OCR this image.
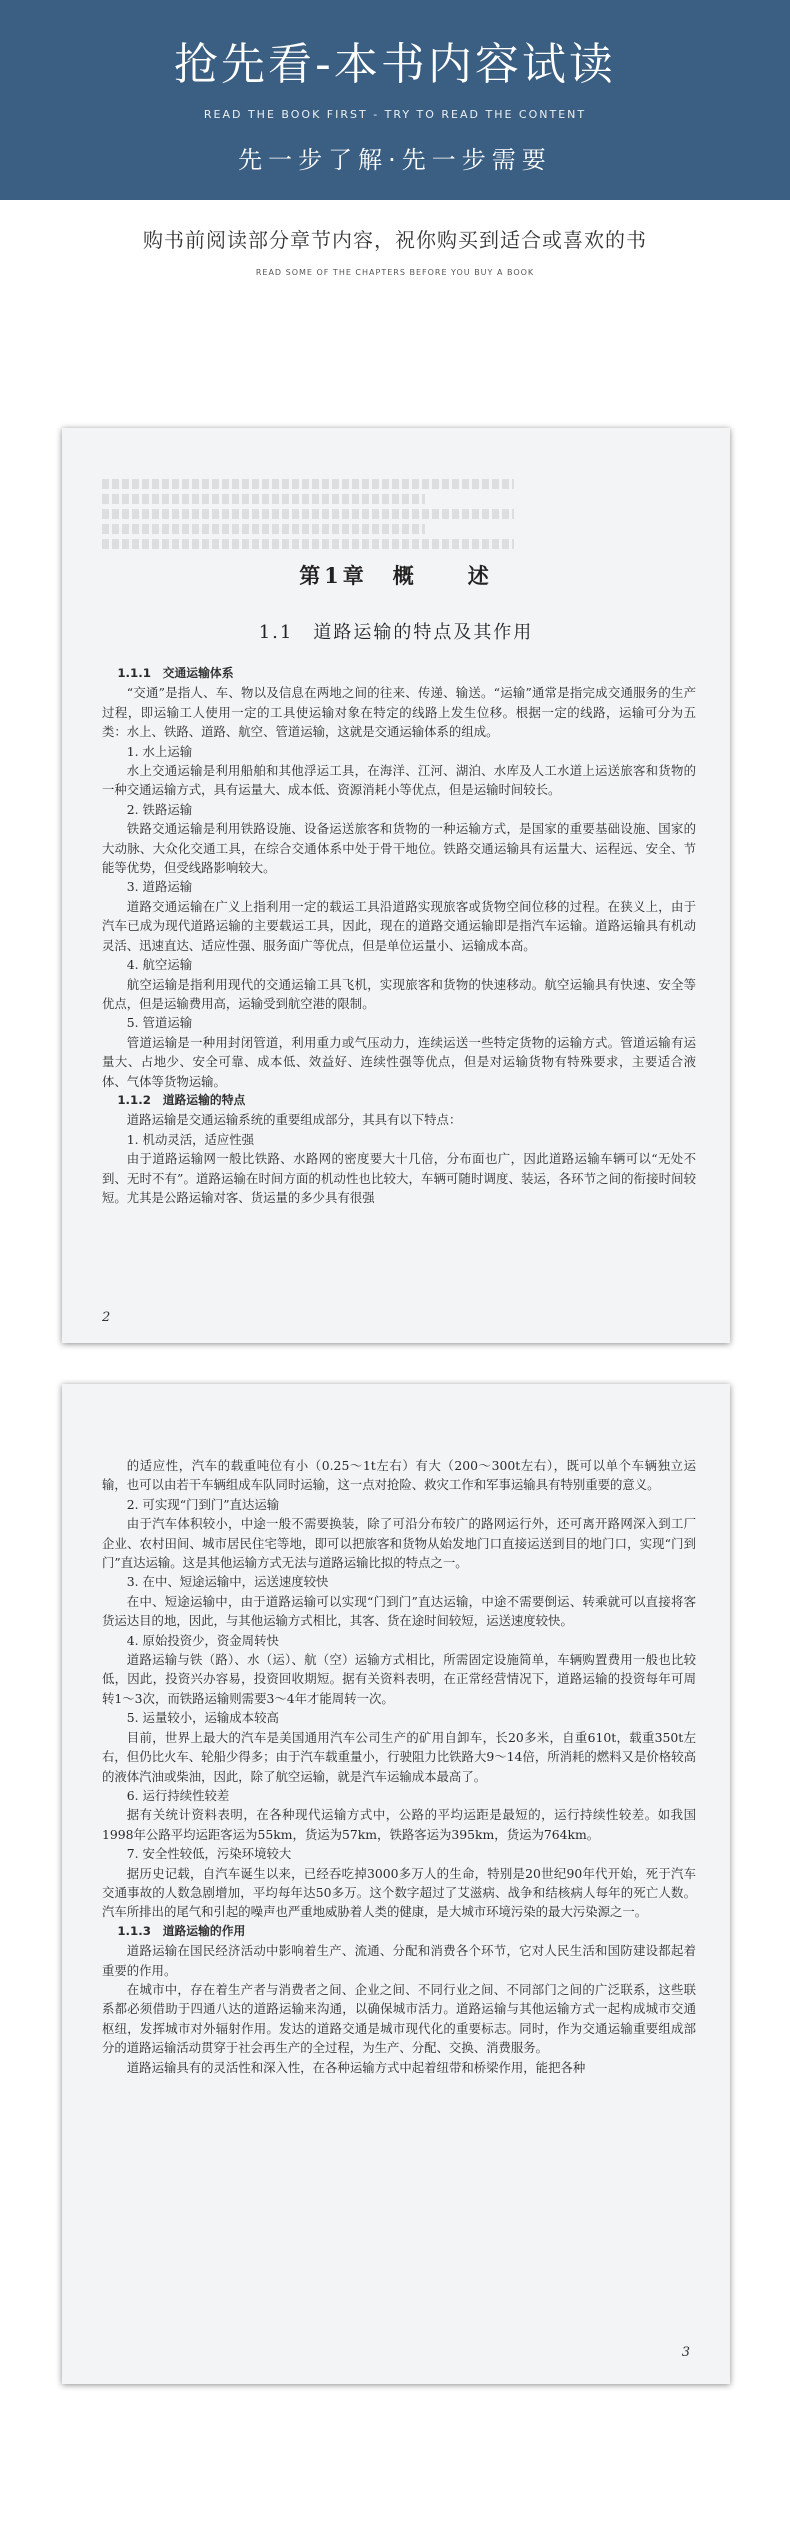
抢先看-本书内容试读
READ THE BOOK FIRST - TRY TO READ THE CONTENT
先一步了解·先一步需要
购书前阅读部分章节内容，祝你购买到适合或喜欢的书
READ SOME OF THE CHAPTERS BEFORE YOU BUY A BOOK
第1章　概　　述
1.1　道路运输的特点及其作用

1.1.1　交通运输体系

“交通”是指人、车、物以及信息在两地之间的往来、传递、输送。“运输”通常是指完成交通服务的生产过程，即运输工人使用一定的工具使运输对象在特定的线路上发生位移。根据一定的线路，运输可分为五类：水上、铁路、道路、航空、管道运输，这就是交通运输体系的组成。

1. 水上运输

水上交通运输是利用船舶和其他浮运工具，在海洋、江河、湖泊、水库及人工水道上运送旅客和货物的一种交通运输方式，具有运量大、成本低、资源消耗小等优点，但是运输时间较长。

2. 铁路运输

铁路交通运输是利用铁路设施、设备运送旅客和货物的一种运输方式，是国家的重要基础设施、国家的大动脉、大众化交通工具，在综合交通体系中处于骨干地位。铁路交通运输具有运量大、运程远、安全、节能等优势，但受线路影响较大。

3. 道路运输

道路交通运输在广义上指利用一定的载运工具沿道路实现旅客或货物空间位移的过程。在狭义上，由于汽车已成为现代道路运输的主要载运工具，因此，现在的道路交通运输即是指汽车运输。道路运输具有机动灵活、迅速直达、适应性强、服务面广等优点，但是单位运量小、运输成本高。

4. 航空运输

航空运输是指利用现代的交通运输工具飞机，实现旅客和货物的快速移动。航空运输具有快速、安全等优点，但是运输费用高，运输受到航空港的限制。

5. 管道运输

管道运输是一种用封闭管道，利用重力或气压动力，连续运送一些特定货物的运输方式。管道运输有运量大、占地少、安全可靠、成本低、效益好、连续性强等优点，但是对运输货物有特殊要求，主要适合液体、气体等货物运输。

1.1.2　道路运输的特点

道路运输是交通运输系统的重要组成部分，其具有以下特点：

1. 机动灵活，适应性强

由于道路运输网一般比铁路、水路网的密度要大十几倍，分布面也广，因此道路运输车辆可以“无处不到、无时不有”。道路运输在时间方面的机动性也比较大，车辆可随时调度、装运，各环节之间的衔接时间较短。尤其是公路运输对客、货运量的多少具有很强

2

的适应性，汽车的载重吨位有小（0.25～1t左右）有大（200～300t左右），既可以单个车辆独立运输，也可以由若干车辆组成车队同时运输，这一点对抢险、救灾工作和军事运输具有特别重要的意义。

2. 可实现“门到门”直达运输

由于汽车体积较小，中途一般不需要换装，除了可沿分布较广的路网运行外，还可离开路网深入到工厂企业、农村田间、城市居民住宅等地，即可以把旅客和货物从始发地门口直接运送到目的地门口，实现“门到门”直达运输。这是其他运输方式无法与道路运输比拟的特点之一。

3. 在中、短途运输中，运送速度较快

在中、短途运输中，由于道路运输可以实现“门到门”直达运输，中途不需要倒运、转乘就可以直接将客货运达目的地，因此，与其他运输方式相比，其客、货在途时间较短，运送速度较快。

4. 原始投资少，资金周转快

道路运输与铁（路）、水（运）、航（空）运输方式相比，所需固定设施简单，车辆购置费用一般也比较低，因此，投资兴办容易，投资回收期短。据有关资料表明，在正常经营情况下，道路运输的投资每年可周转1～3次，而铁路运输则需要3～4年才能周转一次。

5. 运量较小，运输成本较高

目前，世界上最大的汽车是美国通用汽车公司生产的矿用自卸车，长20多米，自重610t，载重350t左右，但仍比火车、轮船少得多；由于汽车载重量小，行驶阻力比铁路大9～14倍，所消耗的燃料又是价格较高的液体汽油或柴油，因此，除了航空运输，就是汽车运输成本最高了。

6. 运行持续性较差

据有关统计资料表明，在各种现代运输方式中，公路的平均运距是最短的，运行持续性较差。如我国1998年公路平均运距客运为55km，货运为57km，铁路客运为395km，货运为764km。

7. 安全性较低，污染环境较大

据历史记载，自汽车诞生以来，已经吞吃掉3000多万人的生命，特别是20世纪90年代开始，死于汽车交通事故的人数急剧增加，平均每年达50多万。这个数字超过了艾滋病、战争和结核病人每年的死亡人数。汽车所排出的尾气和引起的噪声也严重地威胁着人类的健康，是大城市环境污染的最大污染源之一。

1.1.3　道路运输的作用

道路运输在国民经济活动中影响着生产、流通、分配和消费各个环节，它对人民生活和国防建设都起着重要的作用。

在城市中，存在着生产者与消费者之间、企业之间、不同行业之间、不同部门之间的广泛联系，这些联系都必须借助于四通八达的道路运输来沟通，以确保城市活力。道路运输与其他运输方式一起构成城市交通枢纽，发挥城市对外辐射作用。发达的道路交通是城市现代化的重要标志。同时，作为交通运输重要组成部分的道路运输活动贯穿于社会再生产的全过程，为生产、分配、交换、消费服务。

道路运输具有的灵活性和深入性，在各种运输方式中起着纽带和桥梁作用，能把各种

3
